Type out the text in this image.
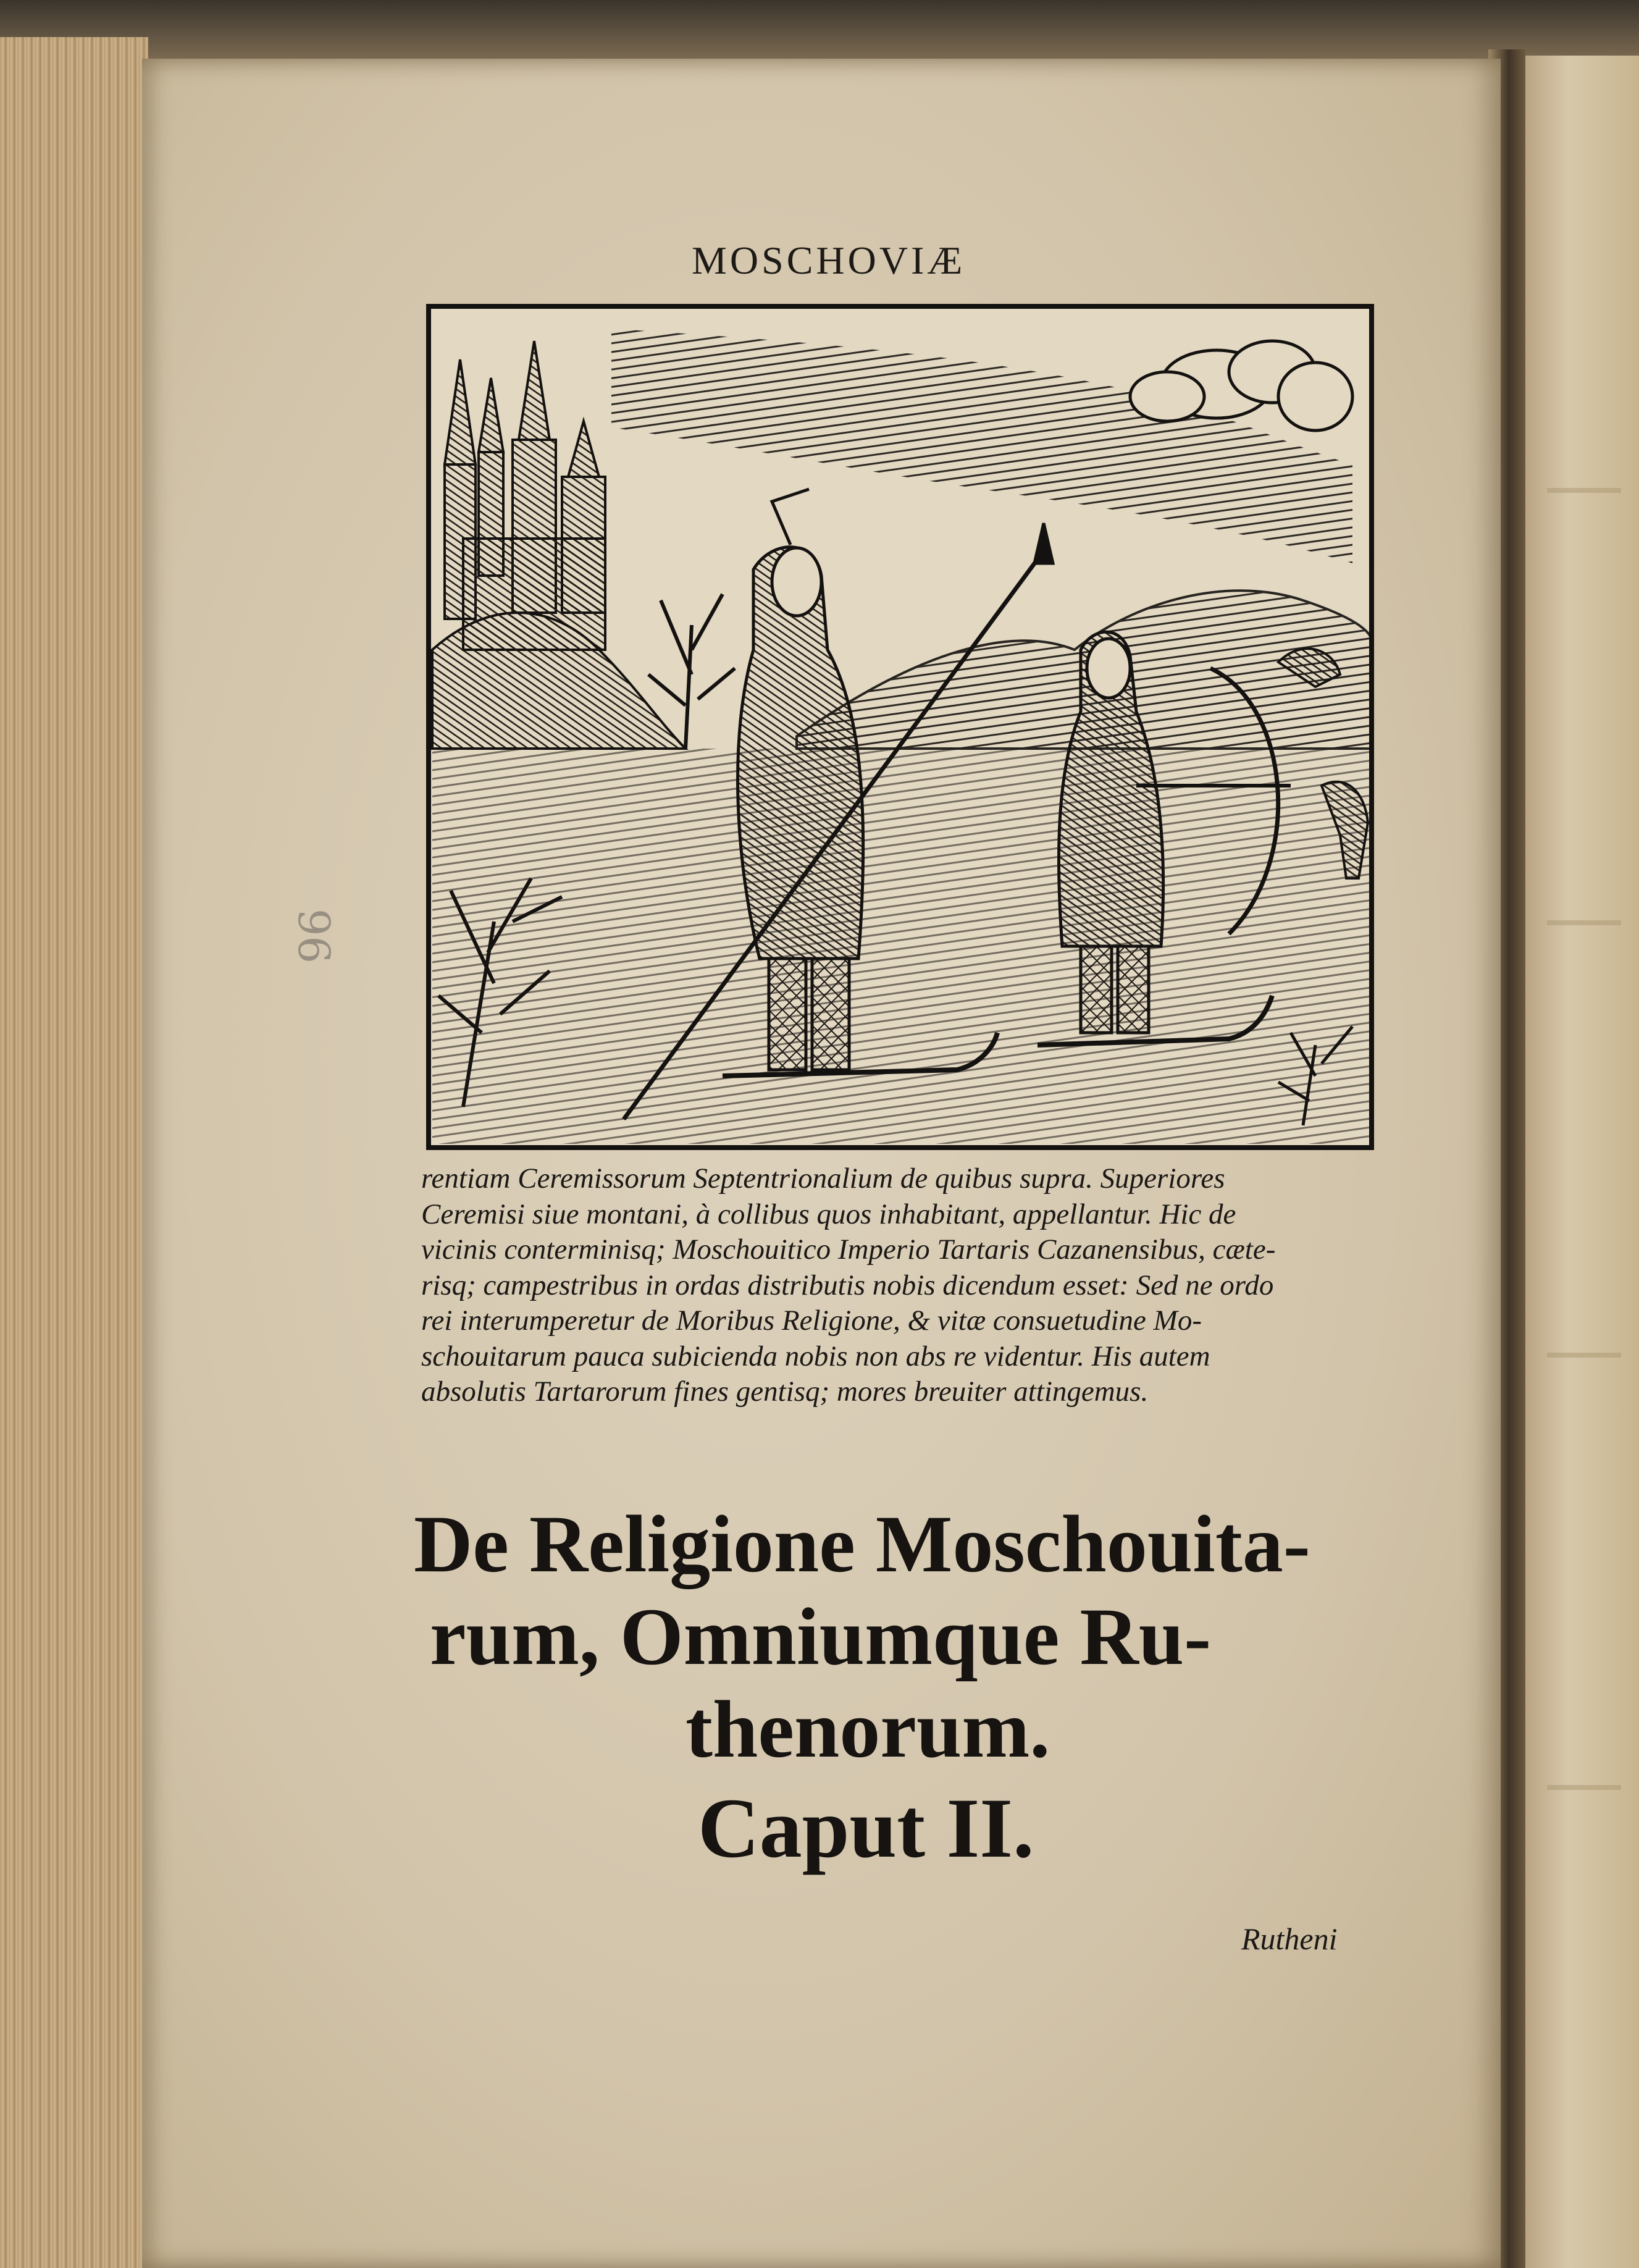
MOSCHOVIÆ
rentiam Ceremissorum Septentrionalium de quibus supra. Superiores
Ceremisi siue montani, à collibus quos inhabitant, appellantur. Hic de
vicinis conterminisq; Moschouitico Imperio Tartaris Cazanensibus, cæte-
risq; campestribus in ordas distributis nobis dicendum esset: Sed ne ordo
rei interumperetur de Moribus Religione, & vitæ consuetudine Mo-
schouitarum pauca subicienda nobis non abs re videntur. His autem
absolutis Tartarorum fines gentisq; mores breuiter attingemus.
De Religione Moschouita-
rum, Omniumque Ru-
thenorum.
Caput II.
Rutheni
96
